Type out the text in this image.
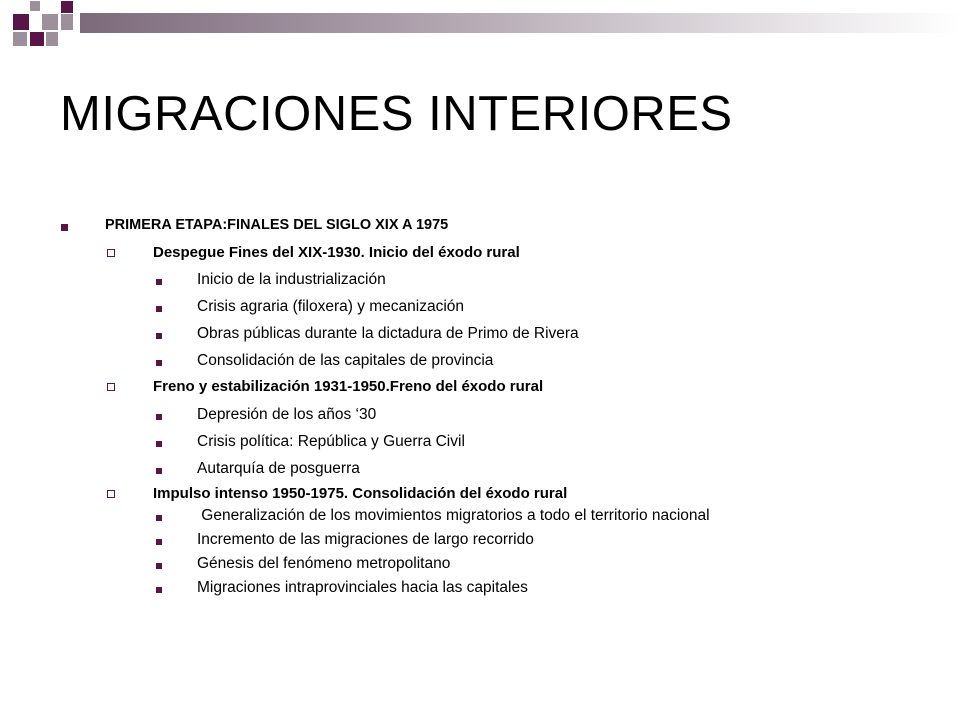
MIGRACIONES INTERIORES
PRIMERA ETAPA:FINALES DEL SIGLO XIX A 1975
Despegue Fines del XIX-1930. Inicio del éxodo rural
Inicio de la industrialización
Crisis agraria (filoxera) y mecanización
Obras públicas durante la dictadura de Primo de Rivera
Consolidación de las capitales de provincia
Freno y estabilización 1931-1950.Freno del éxodo rural
Depresión de los años ‘30
Crisis política: República y Guerra Civil
Autarquía de posguerra
Impulso intenso 1950-1975. Consolidación del éxodo rural
Generalización de los movimientos migratorios a todo el territorio nacional
Incremento de las migraciones de largo recorrido
Génesis del fenómeno metropolitano
Migraciones intraprovinciales hacia las capitales
